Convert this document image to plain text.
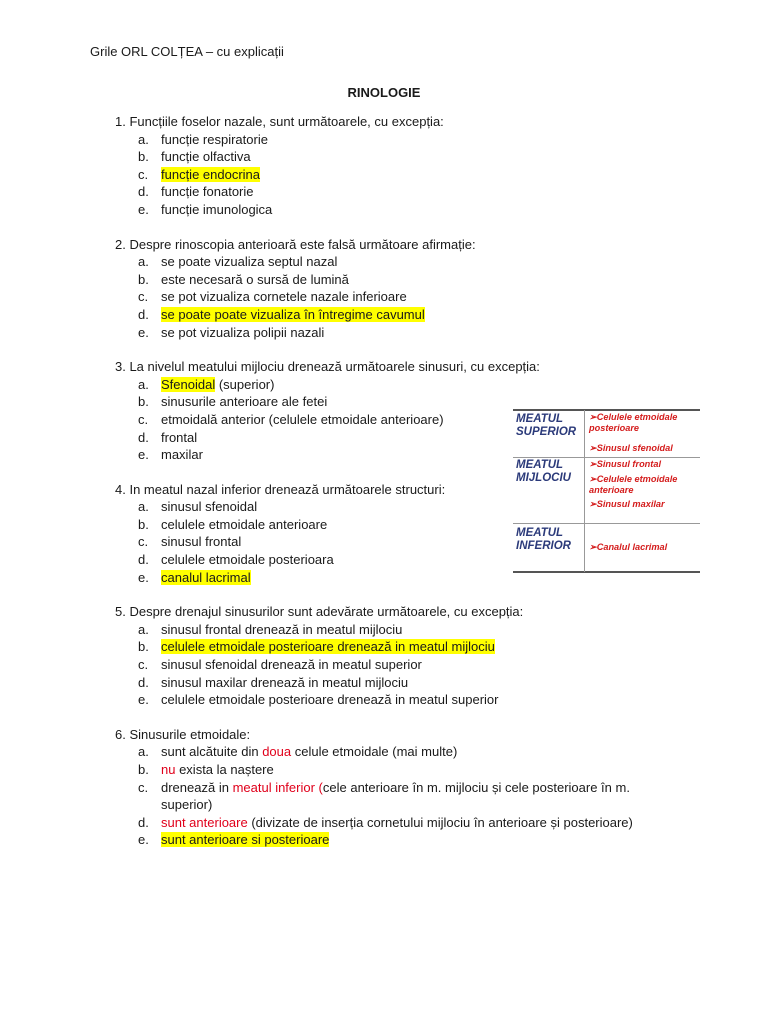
Grile ORL COLȚEA – cu explicații
RINOLOGIE
1. Funcțiile foselor nazale, sunt următoarele, cu excepția:
a. funcție respiratorie
b. funcție olfactiva
c. funcție endocrina
d. funcție fonatorie
e. funcție imunologica
2. Despre rinoscopia anterioară este falsă următoare afirmație:
a. se poate vizualiza septul nazal
b. este necesară o sursă de lumină
c. se pot vizualiza cornetele nazale inferioare
d. se poate poate vizualiza în întregime cavumul
e. se pot vizualiza polipii nazali
3. La nivelul meatului mijlociu drenează următoarele sinusuri, cu excepția:
a. Sfenoidal (superior)
b. sinusurile anterioare ale fetei
c. etmoidală anterior (celulele etmoidale anterioare)
d. frontal
e. maxilar
4. In meatul nazal inferior drenează următoarele structuri:
a. sinusul sfenoidal
b. celulele etmoidale anterioare
c. sinusul frontal
d. celulele etmoidale posterioara
e. canalul lacrimal
5. Despre drenajul sinusurilor sunt adevărate următoarele, cu excepția:
a. sinusul frontal drenează in meatul mijlociu
b. celulele etmoidale posterioare drenează in meatul mijlociu
c. sinusul sfenoidal drenează in meatul superior
d. sinusul maxilar drenează in meatul mijlociu
e. celulele etmoidale posterioare drenează in meatul superior
6. Sinusurile etmoidale:
a. sunt alcătuite din doua celule etmoidale (mai multe)
b. nu exista la naștere
c. drenează in meatul inferior (cele anterioare în m. mijlociu și cele posterioare în m. superior)
d. sunt anterioare (divizate de inserția cornetului mijlociu în anterioare și posterioare)
e. sunt anterioare si posterioare
MEATUL SUPERIOR
➢Celulele etmoidale posterioare
➢Sinusul sfenoidal
MEATUL MIJLOCIU
➢Sinusul frontal
➢Celulele etmoidale anterioare
➢Sinusul maxilar
MEATUL INFERIOR	➢Canalul lacrimal
